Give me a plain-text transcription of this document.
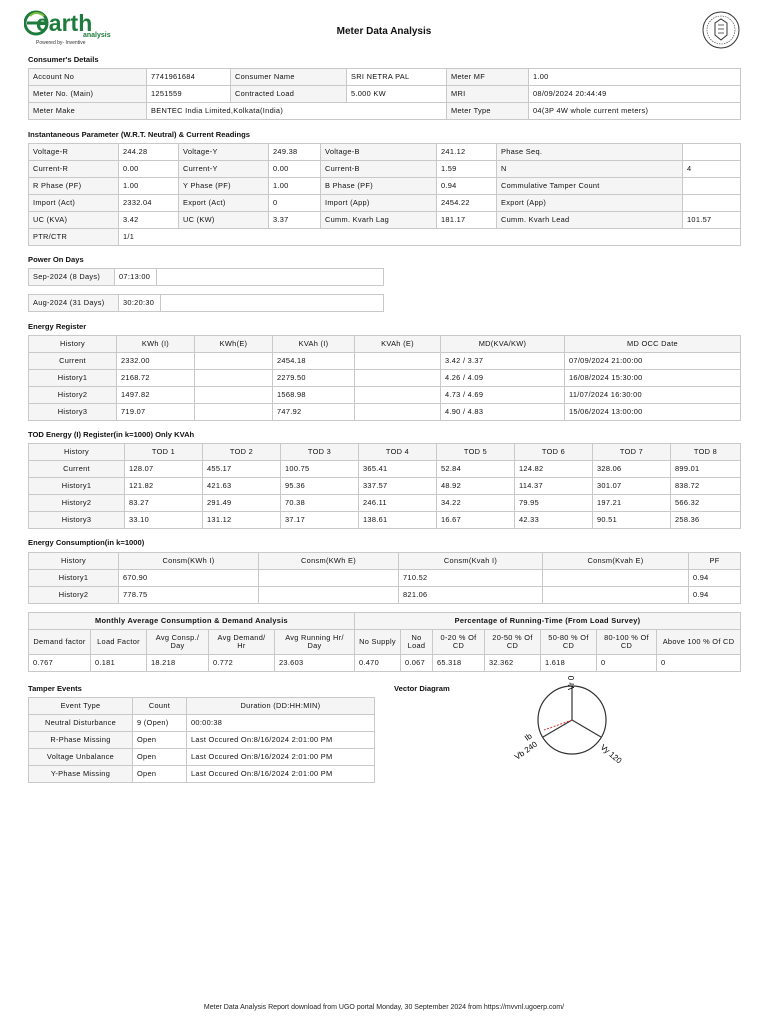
earth
analysis
Powered by- Inventive
Meter Data Analysis
Consumer's Details
Account No	7741961684	Consumer Name	SRI NETRA PAL	Meter MF	1.00
Meter No. (Main)	1251559	Contracted Load	5.000 KW	MRI	08/09/2024 20:44:49
Meter Make	BENTEC India Limited,Kolkata(India)			Meter Type	04(3P 4W whole current meters)
Instantaneous Parameter (W.R.T. Neutral) & Current Readings
Voltage-R	244.28	Voltage-Y	249.38	Voltage-B	241.12	Phase Seq.	
Current-R	0.00	Current-Y	0.00	Current-B	1.59	N	4
R Phase (PF)	1.00	Y Phase (PF)	1.00	B Phase (PF)	0.94	Commulative Tamper Count	
Import (Act)	2332.04	Export (Act)	0	Import (App)	2454.22	Export (App)	
UC (KVA)	3.42	UC (KW)	3.37	Cumm. Kvarh Lag	181.17	Cumm. Kvarh Lead	101.57
PTR/CTR	1/1						
Power On Days
Sep-2024 (8 Days)	07:13:00	
Aug-2024 (31 Days)	30:20:30	
Energy Register
History	KWh (I)	KWh(E)	KVAh (I)	KVAh (E)	MD(KVA/KW)	MD OCC Date
Current	2332.00		2454.18		3.42 / 3.37	07/09/2024 21:00:00
History1	2168.72		2279.50		4.26 / 4.09	16/08/2024 15:30:00
History2	1497.82		1568.98		4.73 / 4.69	11/07/2024 16:30:00
History3	719.07		747.92		4.90 / 4.83	15/06/2024 13:00:00
TOD Energy (I) Register(in k=1000) Only KVAh
History	TOD 1	TOD 2	TOD 3	TOD 4	TOD 5	TOD 6	TOD 7	TOD 8
Current	128.07	455.17	100.75	365.41	52.84	124.82	328.06	899.01
History1	121.82	421.63	95.36	337.57	48.92	114.37	301.07	838.72
History2	83.27	291.49	70.38	246.11	34.22	79.95	197.21	566.32
History3	33.10	131.12	37.17	138.61	16.67	42.33	90.51	258.36
Energy Consumption(in k=1000)
History	Consm(KWh I)	Consm(KWh E)	Consm(Kvah I)	Consm(Kvah E)	PF
History1	670.90		710.52		0.94
History2	778.75		821.06		0.94
Monthly Average Consumption & Demand Analysis					Percentage of Running-Time (From Load Survey)						
Demand factor	Load Factor	Avg Consp./ Day	Avg Demand/ Hr	Avg Running Hr/ Day	No Supply	No Load	0-20 % Of CD	20-50 % Of CD	50-80 % Of CD	80-100 % Of CD	Above 100 % Of CD
0.767	0.181	18.218	0.772	23.603	0.470	0.067	65.318	32.362	1.618	0	0
Tamper Events
Event Type	Count	Duration (DD:HH:MIN)
Neutral Disturbance	9 (Open)	00:00:38
R-Phase Missing	Open	Last Occured On:8/16/2024 2:01:00 PM
Voltage Unbalance	Open	Last Occured On:8/16/2024 2:01:00 PM
Y-Phase Missing	Open	Last Occured On:8/16/2024 2:01:00 PM
Vector Diagram	Vr 0
Vy 120
Vb 240
Ib
Meter Data Analysis Report download from UGO portal Monday, 30 September 2024 from https://mvvnl.ugoerp.com/
